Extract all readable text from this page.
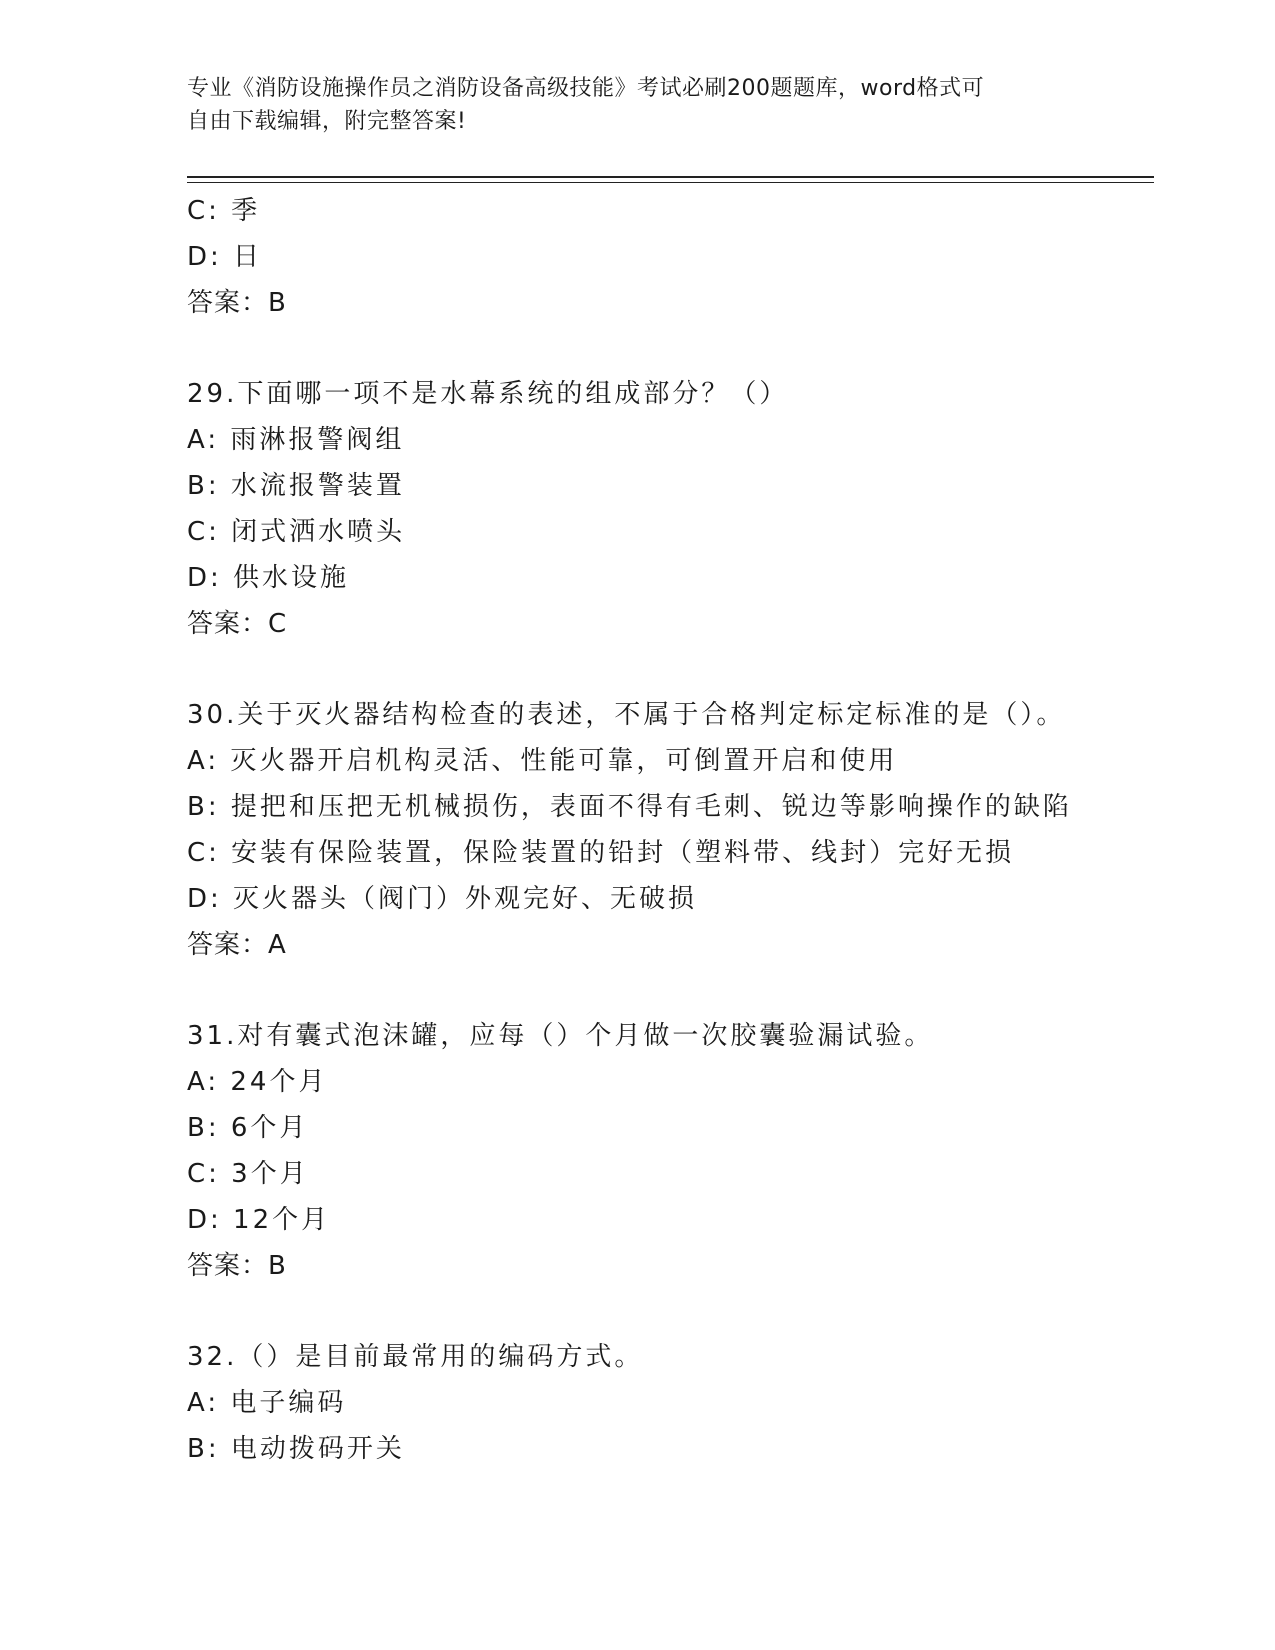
专业《消防设施操作员之消防设备高级技能》考试必刷200题题库，word格式可
自由下载编辑，附完整答案!
C: 季
D: 日
答案：B
29.下面哪一项不是水幕系统的组成部分？（）
A: 雨淋报警阀组
B: 水流报警装置
C: 闭式洒水喷头
D: 供水设施
答案：C
30.关于灭火器结构检查的表述，不属于合格判定标定标准的是（）。
A: 灭火器开启机构灵活、性能可靠，可倒置开启和使用
B: 提把和压把无机械损伤，表面不得有毛刺、锐边等影响操作的缺陷
C: 安装有保险装置，保险装置的铅封（塑料带、线封）完好无损
D: 灭火器头（阀门）外观完好、无破损
答案：A
31.对有囊式泡沫罐，应每（）个月做一次胶囊验漏试验。
A: 24个月
B: 6个月
C: 3个月
D: 12个月
答案：B
32.（）是目前最常用的编码方式。
A: 电子编码
B: 电动拨码开关
